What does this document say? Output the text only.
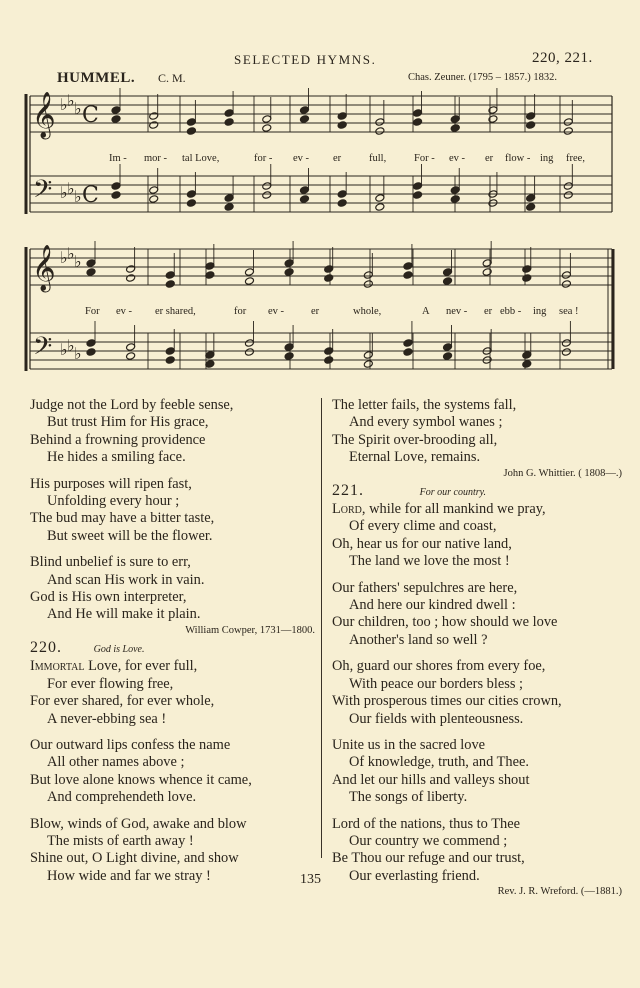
SELECTED HYMNS.	220, 221.
HUMMEL. C. M.	Chas. Zeuner. (1795 – 1857.) 1832.
𝄞
𝄢
♭
♭
♭
♭
♭
♭
C
C
𝄞
𝄢
♭
♭
♭
♭
♭
♭
Im - mor - tal Love,	for - ev - er	full,	For - ev - er flow - ing free,
For ev - er shared,	for ev -	er	whole,	A nev - er ebb - ing sea !
Judge not the Lord by feeble sense,
But trust Him for His grace,
Behind a frowning providence
He hides a smiling face.
His purposes will ripen fast,
Unfolding every hour ;
The bud may have a bitter taste,
But sweet will be the flower.
Blind unbelief is sure to err,
And scan His work in vain.
God is His own interpreter,
And He will make it plain.
William Cowper, 1731—1800.
220.	God is Love.
Immortal Love, for ever full,
For ever flowing free,
For ever shared, for ever whole,
A never-ebbing sea !
Our outward lips confess the name
All other names above ;
But love alone knows whence it came,
And comprehendeth love.
Blow, winds of God, awake and blow
The mists of earth away !
Shine out, O Light divine, and show
How wide and far we stray !
The letter fails, the systems fall,
And every symbol wanes ;
The Spirit over-brooding all,
Eternal Love, remains.
John G. Whittier. ( 1808—.)
221.	For our country.
Lord, while for all mankind we pray,
Of every clime and coast,
Oh, hear us for our native land,
The land we love the most !
Our fathers' sepulchres are here,
And here our kindred dwell :
Our children, too ; how should we love
Another's land so well ?
Oh, guard our shores from every foe,
With peace our borders bless ;
With prosperous times our cities crown,
Our fields with plenteousness.
Unite us in the sacred love
Of knowledge, truth, and Thee.
And let our hills and valleys shout
The songs of liberty.
Lord of the nations, thus to Thee
Our country we commend ;
Be Thou our refuge and our trust,
Our everlasting friend.
Rev. J. R. Wreford. (—1881.)
135
